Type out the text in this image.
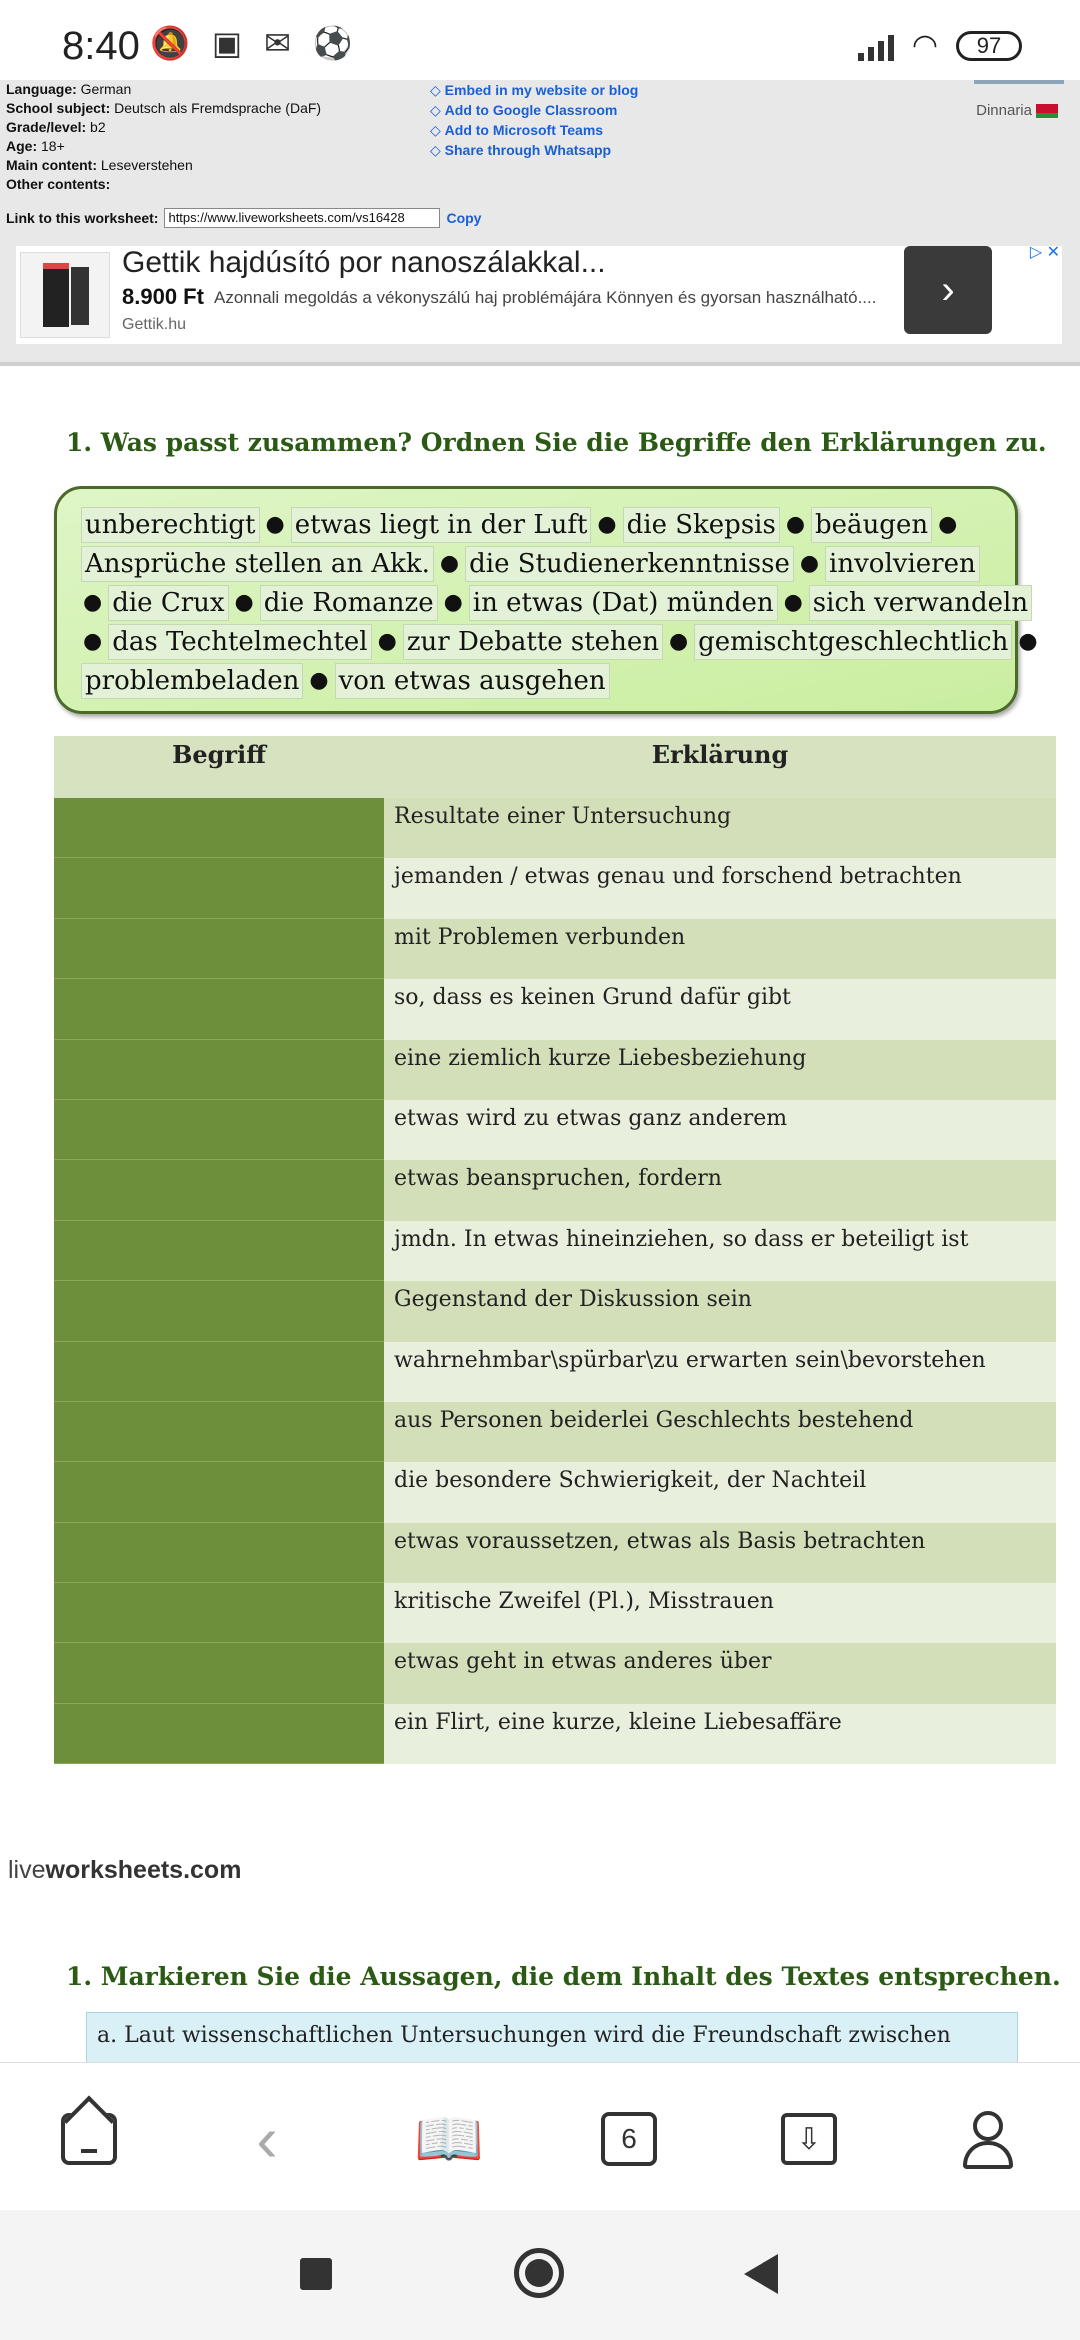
8:40 🔕 ▣ ✉ ⚽	◠	97
Language: German
School subject: Deutsch als Fremdsprache (DaF)
Grade/level: b2
Age: 18+
Main content: Leseverstehen
Other contents:
◇ Embed in my website or blog
◇ Add to Google Classroom
◇ Add to Microsoft Teams
◇ Share through Whatsapp
Dinnaria
Link to this worksheet: https://www.liveworksheets.com/vs16428	Copy
Gettik hajdúsító por nanoszálakkal...
8.900 Ft Azonnali megoldás a vékonyszálú haj problémájára Könnyen és gyorsan használható....
Gettik.hu
›
▷ ✕
1. Was passt zusammen? Ordnen Sie die Begriffe den Erklärungen zu.
unberechtigt ● etwas liegt in der Luft ● die Skepsis ● beäugen ●
Ansprüche stellen an Akk. ● die Studienerkenntnisse ● involvieren
● die Crux ● die Romanze ● in etwas (Dat) münden ● sich verwandeln
● das Techtelmechtel ● zur Debatte stehen ● gemischtgeschlechtlich ●
problembeladen ● von etwas ausgehen
Begriff	Erklärung
Resultate einer Untersuchung
jemanden / etwas genau und forschend betrachten
mit Problemen verbunden
so, dass es keinen Grund dafür gibt
eine ziemlich kurze Liebesbeziehung
etwas wird zu etwas ganz anderem
etwas beanspruchen, fordern
jmdn. In etwas hineinziehen, so dass er beteiligt ist
Gegenstand der Diskussion sein
wahrnehmbar\spürbar\zu erwarten sein\bevorstehen
aus Personen beiderlei Geschlechts bestehend
die besondere Schwierigkeit, der Nachteil
etwas voraussetzen, etwas als Basis betrachten
kritische Zweifel (Pl.), Misstrauen
etwas geht in etwas anderes über
ein Flirt, eine kurze, kleine Liebesaffäre
liveworksheets.com
1. Markieren Sie die Aussagen, die dem Inhalt des Textes entsprechen.
a. Laut wissenschaftlichen Untersuchungen wird die Freundschaft zwischen
‹ 📖	6	⇩
